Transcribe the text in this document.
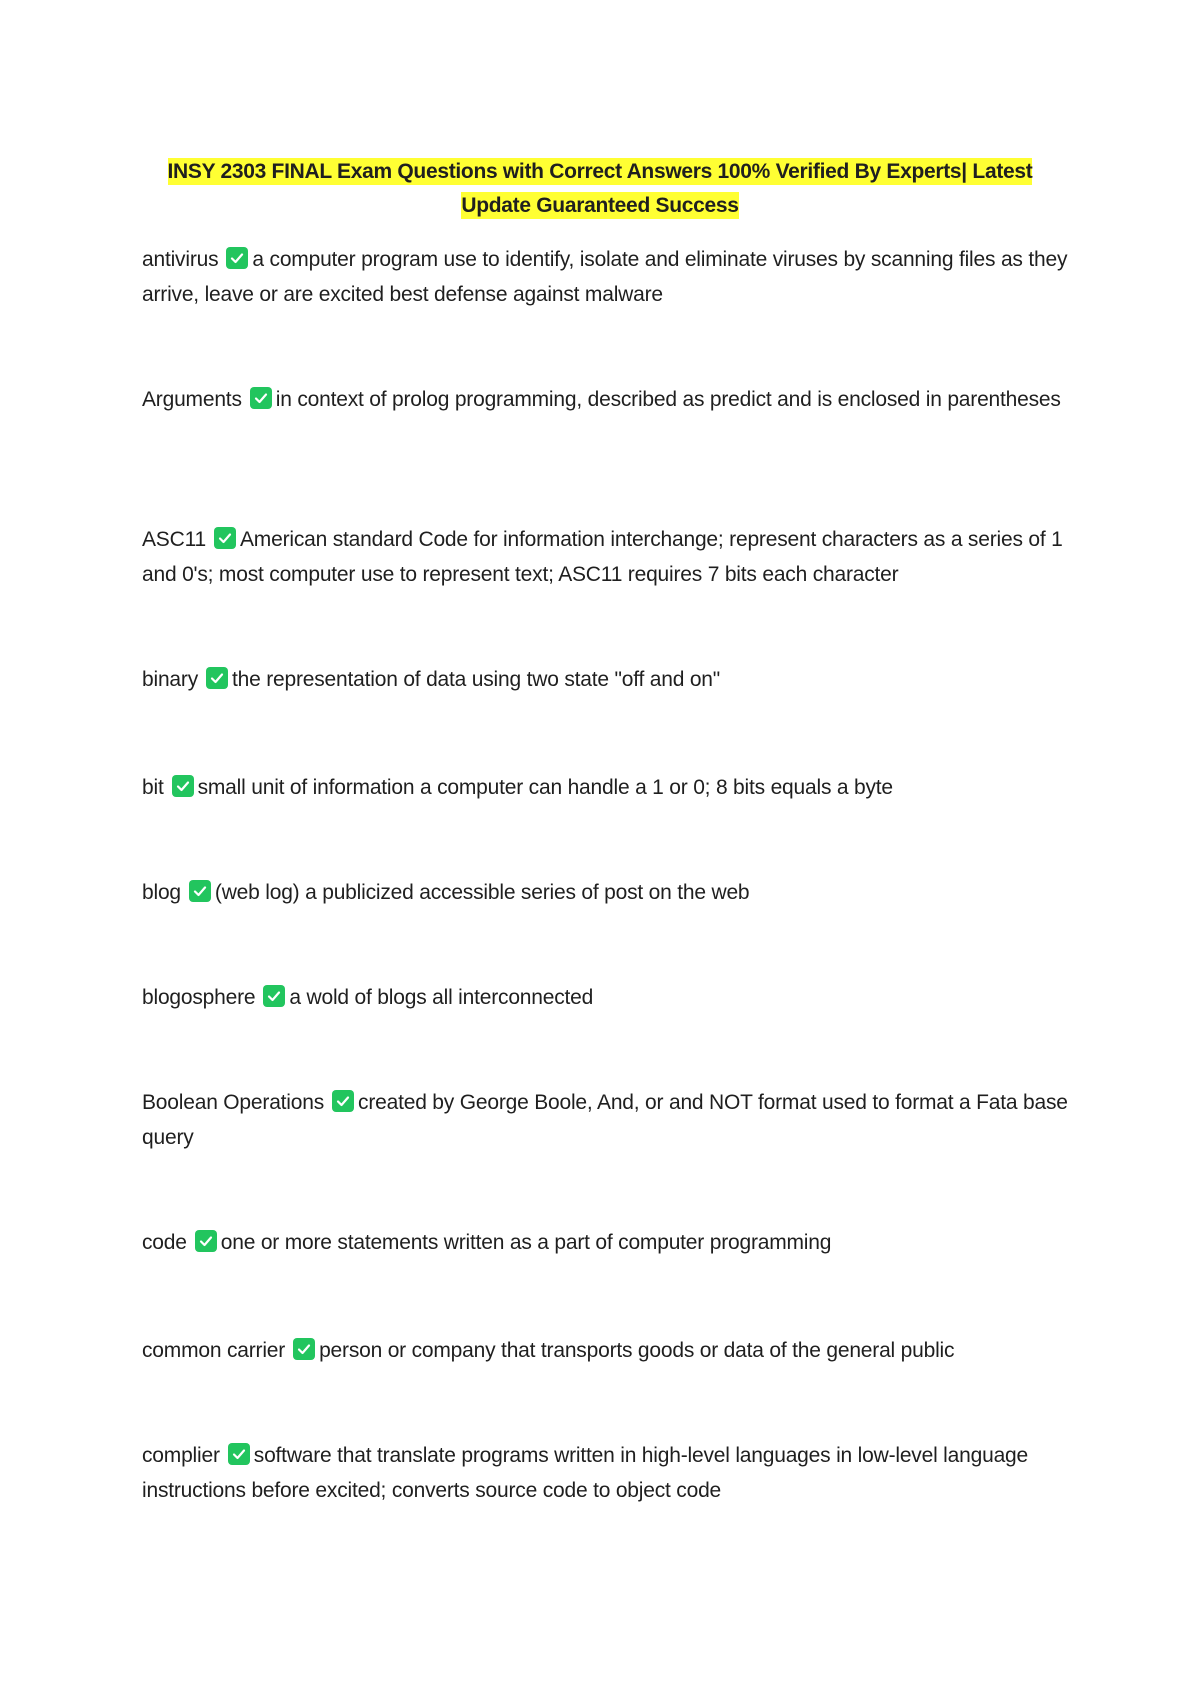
INSY 2303 FINAL Exam Questions with Correct Answers 100% Verified By Experts| Latest
Update Guaranteed Success

antivirus a computer program use to identify, isolate and eliminate viruses by scanning files as they arrive, leave or are excited best defense against malware

Arguments in context of prolog programming, described as predict and is enclosed in parentheses

ASC11 American standard Code for information interchange; represent characters as a series of 1 and 0's; most computer use to represent text; ASC11 requires 7 bits each character

binary the representation of data using two state "off and on"

bit small unit of information a computer can handle a 1 or 0; 8 bits equals a byte

blog (web log) a publicized accessible series of post on the web

blogosphere a wold of blogs all interconnected

Boolean Operations created by George Boole, And, or and NOT format used to format a Fata base query

code one or more statements written as a part of computer programming

common carrier person or company that transports goods or data of the general public

complier software that translate programs written in high-level languages in low-level language instructions before excited; converts source code to object code
